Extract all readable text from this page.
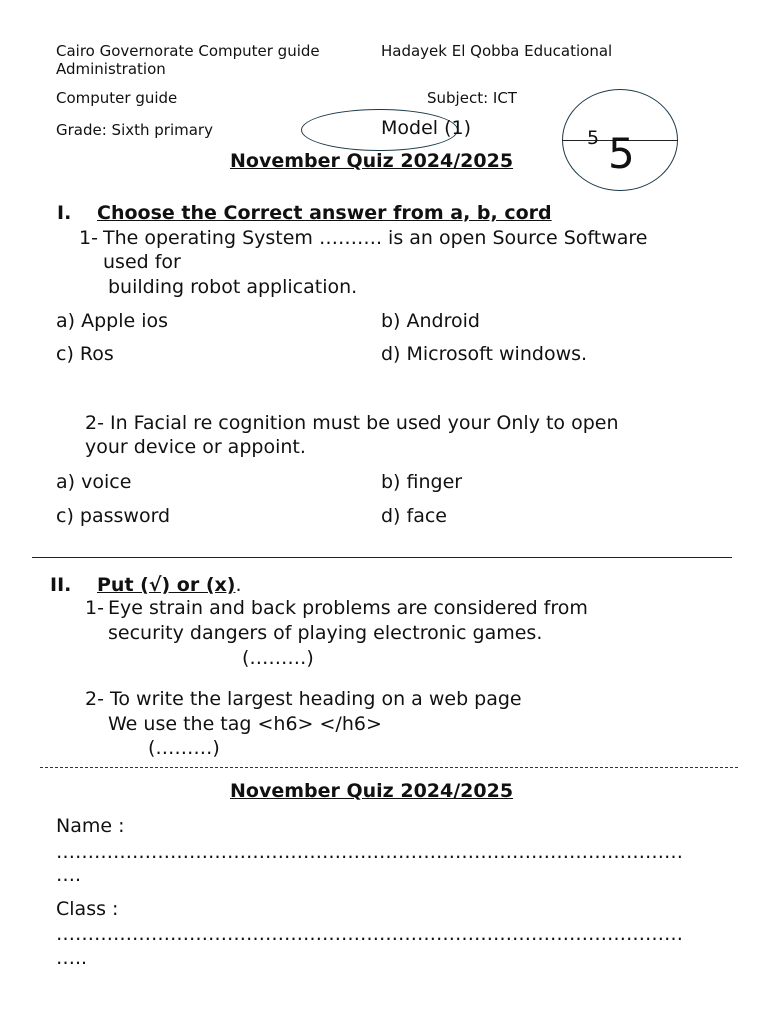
Cairo Governorate Computer guide
Administration
Hadayek El Qobba Educational
Computer guide	Subject: ICT
Grade: Sixth primary	Model (1)	5 5
November Quiz 2024/2025
I. Choose the Correct answer from a, b, cord
1- The operating System ………. is an open Source Software
used for
building robot application.
a) Apple ios	b) Android
c) Ros	d) Microsoft windows.
2- In Facial re cognition must be used your Only to open
your device or appoint.
a) voice	b) finger
c) password	d) face
II. Put (√) or (x).
1- Eye strain and back problems are considered from
security dangers of playing electronic games.
(………)
2- To write the largest heading on a web page
We use the tag <h6> </h6>
(………)
November Quiz 2024/2025
Name :
………………………………………………………………………………………
….
Class :
………………………………………………………………………………………
…..
